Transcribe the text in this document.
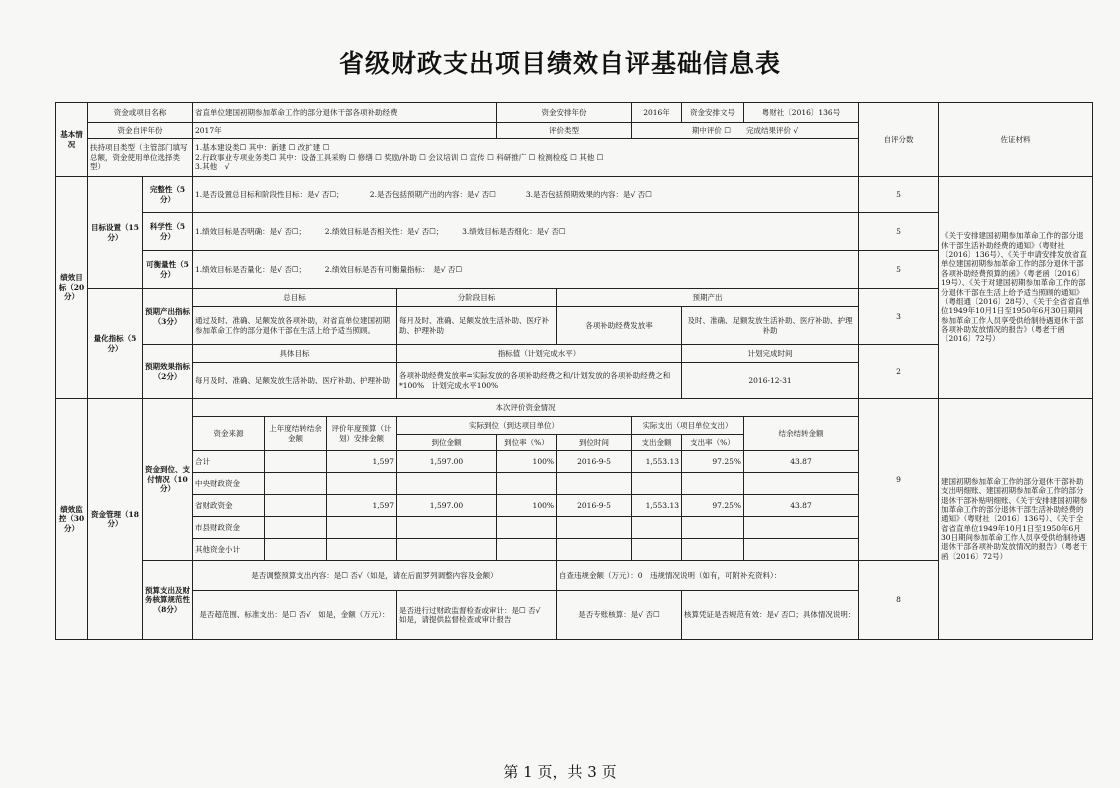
省级财政支出项目绩效自评基础信息表
基本情况	资金或项目名称		省直单位建国初期参加革命工作的部分退休干部各项补助经费				资金安排年份		2016年	资金安排文号	粤财社〔2016〕136号	自评分数	佐证材料
	资金自评年份		2017年				评价类型		期中评价 ☐　　完成结果评价 √				
	扶持项目类型（主管部门填写总额，资金使用单位选择类型）		1.基本建设类☐ 其中：新建 ☐ 改扩建 ☐
2.行政事业专项业务类☐ 其中：设备工具采购 ☐ 修缮 ☐ 奖励/补助 ☐ 会议培训 ☐ 宣传 ☐ 科研推广 ☐ 检测检疫 ☐ 其他 ☐
3.其他　√										

绩效目标（20分）	目标设置（15分）	完整性（5分）	1.是否设置总目标和阶段性目标：是√ 否☐；　　　　2.是否包括预期产出的内容：是√ 否☐　　　　3.是否包括预期效果的内容：是√ 否☐									5	《关于安排建国初期参加革命工作的部分退休干部生活补助经费的通知》（粤财社〔2016〕136号）、《关于申请安排发放省直单位建国初期参加革命工作的部分退休干部各项补助经费预算的函》（粤老函〔2016〕19号）、《关于对建国初期参加革命工作的部分退休干部在生活上给予适当照顾的通知》（粤组通〔2016〕28号）、《关于全省省直单位1949年10月1日至1950年6月30日期间参加革命工作人员享受供给制待遇退休干部各项补助发放情况的报告》（粤老干函〔2016〕72号）
		科学性（5分）	1.绩效目标是否明确：是√ 否☐；　　　2.绩效目标是否相关性：是√ 否☐；　　　3.绩效目标是否细化：是√ 否☐									5	
		可衡量性（5分）	1.绩效目标是否量化：是√ 否☐；　　　2.绩效目标是否有可衡量指标：　是√ 否☐									5	
	量化指标（5分）	预期产出指标（3分）	总目标			分阶段目标		预期产出				3	
			通过及时、准确、足额发放各项补助，对省直单位建国初期参加革命工作的部分退休干部在生活上给予适当照顾。			每月及时、准确、足额发放生活补助、医疗补助、护理补助		各项补助经费发放率		及时、准确、足额发放生活补助、医疗补助、护理补助			
		预期效果指标（2分）	具体目标			指标值（计划完成水平）				计划完成时间		2	
			每月及时、准确、足额发放生活补助、医疗补助、护理补助			各项补助经费发放率=实际发放的各项补助经费之和/计划发放的各项补助经费之和*100%　计划完成水平100%				2016-12-31			
绩效监控（30分）	资金管理（18分）	资金到位、支付情况（10分）	本次评价资金情况									9	建国初期参加革命工作的部分退休干部补助支出明细账、建国初期参加革命工作的部分退休干部补贴明细账、《关于安排建国初期参加革命工作的部分退休干部生活补助经费的通知》（粤财社〔2016〕136号）、《关于全省省直单位1949年10月1日至1950年6月30日期间参加革命工作人员享受供给制待遇退休干部各项补助发放情况的报告》（粤老干函〔2016〕72号）
			资金来源	上年度结转结余金额	评价年度预算（计划）安排金额	实际到位（到达项目单位）			实际支出（项目单位支出）		结余结转金额		
						到位金额	到位率（%）	到位时间	支出金额	支出率（%）			
			合计		1,597	1,597.00	100%	2016-9-5	1,553.13	97.25%	43.87		
			中央财政资金										
			省财政资金		1,597	1,597.00	100%	2016-9-5	1,553.13	97.25%	43.87		
			市县财政资金										
			其他资金小计										
		预算支出及财务核算规范性（8分）	是否调整预算支出内容：是☐ 否√（如是，请在后面罗列调整内容及金额）					自查违规金额（万元）：0　违规情况说明（如有，可附补充资料）：				8	
			是否超范围、标准支出：是☐ 否√　如是，金额（万元）：			是否进行过财政监督检查或审计：是☐ 否√　如是，请提供监督检查或审计报告		是否专账核算：是√ 否☐		核算凭证是否规范有效：是√ 否☐；具体情况说明：			

第 1 页，共 3 页
